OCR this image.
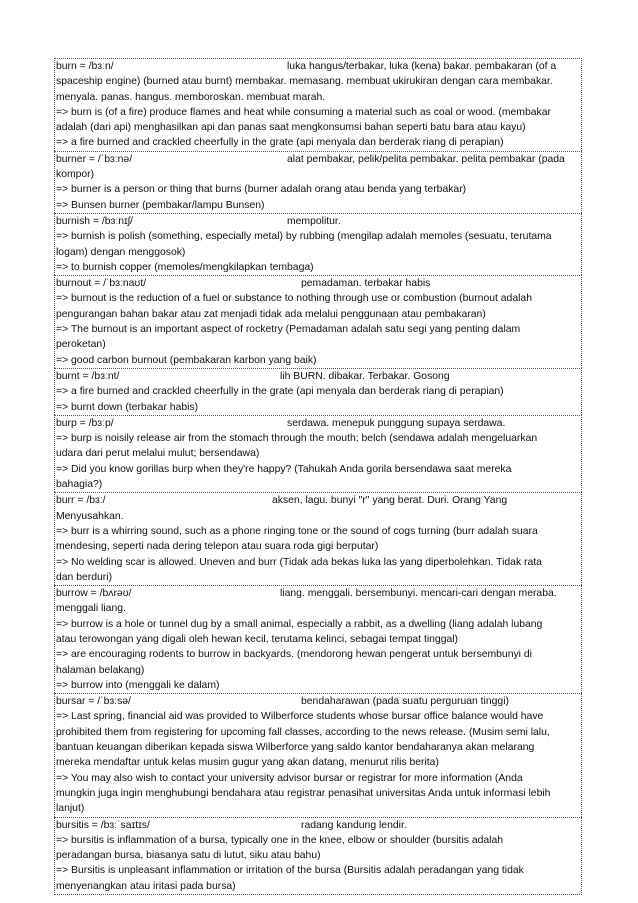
burn = /bɜːn/	luka hangus/terbakar, luka (kena) bakar. pembakaran (of a
spaceship engine) (burned atau burnt) membakar. memasang. membuat ukirukiran dengan cara membakar.
menyala. panas. hangus. memboroskan. membuat marah.
=> burn is (of a fire) produce flames and heat while consuming a material such as coal or wood. (membakar
adalah (dari api) menghasilkan api dan panas saat mengkonsumsi bahan seperti batu bara atau kayu)
=> a fire burned and crackled cheerfully in the grate (api menyala dan berderak riang di perapian)
burner = /ˈbɜːnə/	alat pembakar, pelik/pelita pembakar. pelita pembakar (pada
kompor)
=> burner is a person or thing that burns (burner adalah orang atau benda yang terbakar)
=> Bunsen burner (pembakar/lampu Bunsen)
burnish = /bɜːnɪʃ/	mempolitur.
=> burnish is polish (something, especially metal) by rubbing (mengilap adalah memoles (sesuatu, terutama
logam) dengan menggosok)
=> to burnish copper (memoles/mengkilapkan tembaga)
burnout = /ˈbɜːnaʊt/	pemadaman. terbakar habis
=> burnout is the reduction of a fuel or substance to nothing through use or combustion (burnout adalah
pengurangan bahan bakar atau zat menjadi tidak ada melalui penggunaan atau pembakaran)
=> The burnout is an important aspect of rocketry (Pemadaman adalah satu segi yang penting dalam
peroketan)
=> good carbon burnout (pembakaran karbon yang baik)
burnt = /bɜːnt/	lih BURN. dibakar. Terbakar. Gosong
=> a fire burned and crackled cheerfully in the grate (api menyala dan berderak riang di perapian)
=> burnt down (terbakar habis)
burp = /bɜːp/	serdawa. menepuk punggung supaya serdawa.
=> burp is noisily release air from the stomach through the mouth; belch (sendawa adalah mengeluarkan
udara dari perut melalui mulut; bersendawa)
=> Did you know gorillas burp when they're happy? (Tahukah Anda gorila bersendawa saat mereka
bahagia?)
burr = /bɜː/	aksen, lagu. bunyi "r" yang berat. Duri. Orang Yang
Menyusahkan.
=> burr is a whirring sound, such as a phone ringing tone or the sound of cogs turning (burr adalah suara
mendesing, seperti nada dering telepon atau suara roda gigi berputar)
=> No welding scar is allowed. Uneven and burr (Tidak ada bekas luka las yang diperbolehkan. Tidak rata
dan berduri)
burrow = /bʌrəʊ/	liang. menggali. bersembunyi. mencari-cari dengan meraba.
menggali liang.
=> burrow is a hole or tunnel dug by a small animal, especially a rabbit, as a dwelling (liang adalah lubang
atau terowongan yang digali oleh hewan kecil, terutama kelinci, sebagai tempat tinggal)
=> are encouraging rodents to burrow in backyards. (mendorong hewan pengerat untuk bersembunyi di
halaman belakang)
=> burrow into (menggali ke dalam)
bursar = /ˈbɜːsə/	bendaharawan (pada suatu perguruan tinggi)
=> Last spring, financial aid was provided to Wilberforce students whose bursar office balance would have
prohibited them from registering for upcoming fall classes, according to the news release. (Musim semi lalu,
bantuan keuangan diberikan kepada siswa Wilberforce yang saldo kantor bendaharanya akan melarang
mereka mendaftar untuk kelas musim gugur yang akan datang, menurut rilis berita)
=> You may also wish to contact your university advisor bursar or registrar for more information (Anda
mungkin juga ingin menghubungi bendahara atau registrar penasihat universitas Anda untuk informasi lebih
lanjut)
bursitis = /bɜːˈsaɪtɪs/	radang kandung lendir.
=> bursitis is inflammation of a bursa, typically one in the knee, elbow or shoulder (bursitis adalah
peradangan bursa, biasanya satu di lutut, siku atau bahu)
=> Bursitis is unpleasant inflammation or irritation of the bursa (Bursitis adalah peradangan yang tidak
menyenangkan atau iritasi pada bursa)
